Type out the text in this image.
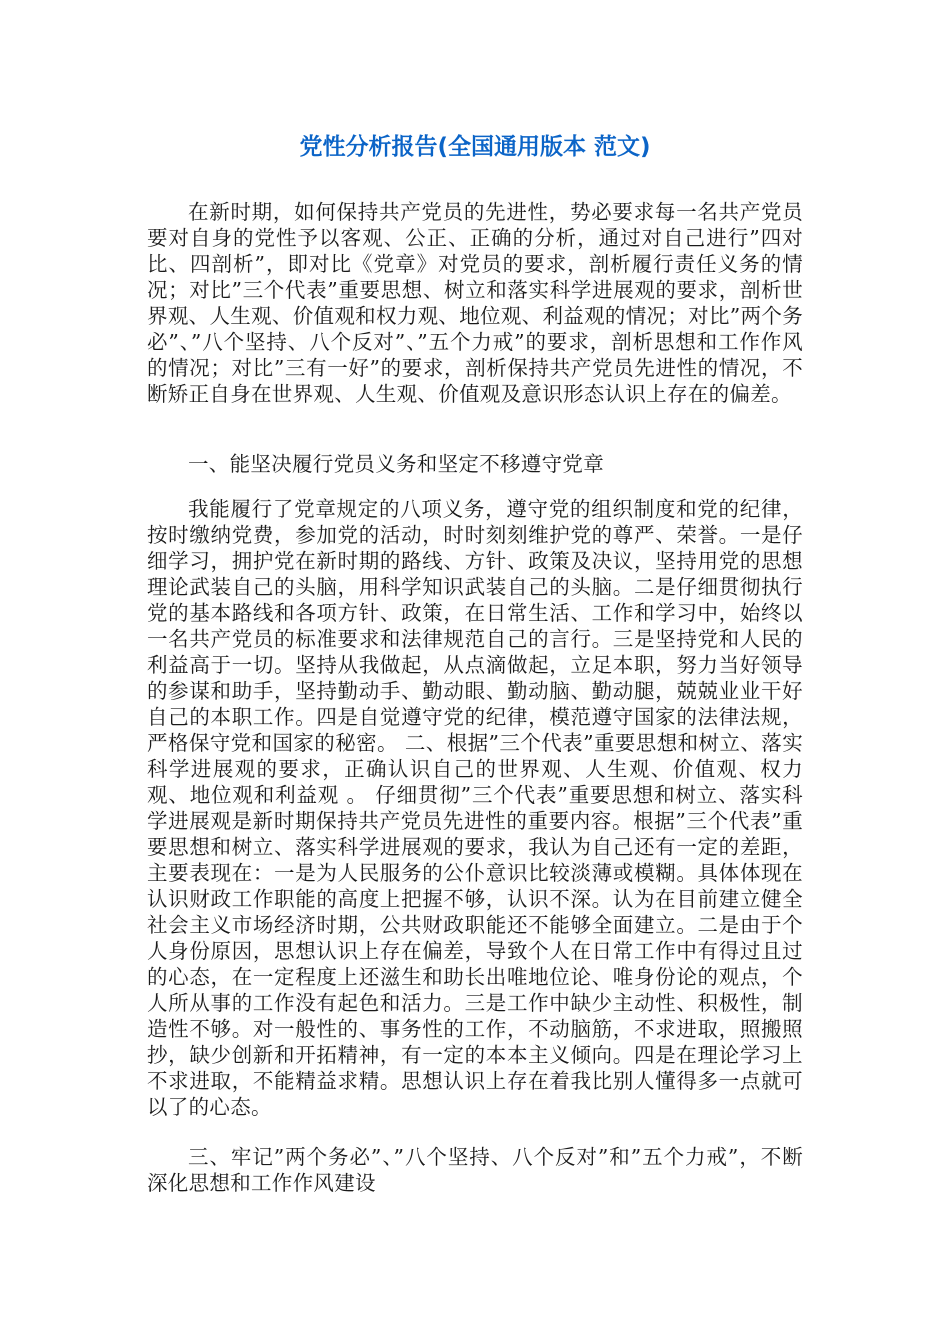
党性分析报告(全国通用版本 范文)

在新时期，如何保持共产党员的先进性，势必要求每一名共产党员要对自身的党性予以客观、公正、正确的分析，通过对自己进行”四对比、四剖析”，即对比《党章》对党员的要求，剖析履行责任义务的情况；对比”三个代表”重要思想、树立和落实科学进展观的要求，剖析世界观、人生观、价值观和权力观、地位观、利益观的情况；对比”两个务必”、”八个坚持、八个反对”、”五个力戒”的要求，剖析思想和工作作风的情况；对比”三有一好”的要求，剖析保持共产党员先进性的情况，不断矫正自身在世界观、人生观、价值观及意识形态认识上存在的偏差。

一、能坚决履行党员义务和坚定不移遵守党章

我能履行了党章规定的八项义务，遵守党的组织制度和党的纪律，按时缴纳党费，参加党的活动，时时刻刻维护党的尊严、荣誉。一是仔细学习，拥护党在新时期的路线、方针、政策及决议，坚持用党的思想理论武装自己的头脑，用科学知识武装自己的头脑。二是仔细贯彻执行党的基本路线和各项方针、政策，在日常生活、工作和学习中，始终以一名共产党员的标准要求和法律规范自己的言行。三是坚持党和人民的利益高于一切。坚持从我做起，从点滴做起，立足本职，努力当好领导的参谋和助手，坚持勤动手、勤动眼、勤动脑、勤动腿，兢兢业业干好自己的本职工作。四是自觉遵守党的纪律，模范遵守国家的法律法规，严格保守党和国家的秘密。 二、根据”三个代表”重要思想和树立、落实科学进展观的要求，正确认识自己的世界观、人生观、价值观、权力观、地位观和利益观 。 仔细贯彻”三个代表”重要思想和树立、落实科学进展观是新时期保持共产党员先进性的重要内容。根据”三个代表”重要思想和树立、落实科学进展观的要求，我认为自己还有一定的差距，主要表现在：一是为人民服务的公仆意识比较淡薄或模糊。具体体现在认识财政工作职能的高度上把握不够，认识不深。认为在目前建立健全社会主义市场经济时期，公共财政职能还不能够全面建立。二是由于个人身份原因，思想认识上存在偏差，导致个人在日常工作中有得过且过的心态，在一定程度上还滋生和助长出唯地位论、唯身份论的观点，个人所从事的工作没有起色和活力。三是工作中缺少主动性、积极性，制造性不够。对一般性的、事务性的工作，不动脑筋，不求进取，照搬照抄，缺少创新和开拓精神，有一定的本本主义倾向。四是在理论学习上不求进取，不能精益求精。思想认识上存在着我比别人懂得多一点就可以了的心态。

三、牢记”两个务必”、”八个坚持、八个反对”和”五个力戒”，不断深化思想和工作作风建设
